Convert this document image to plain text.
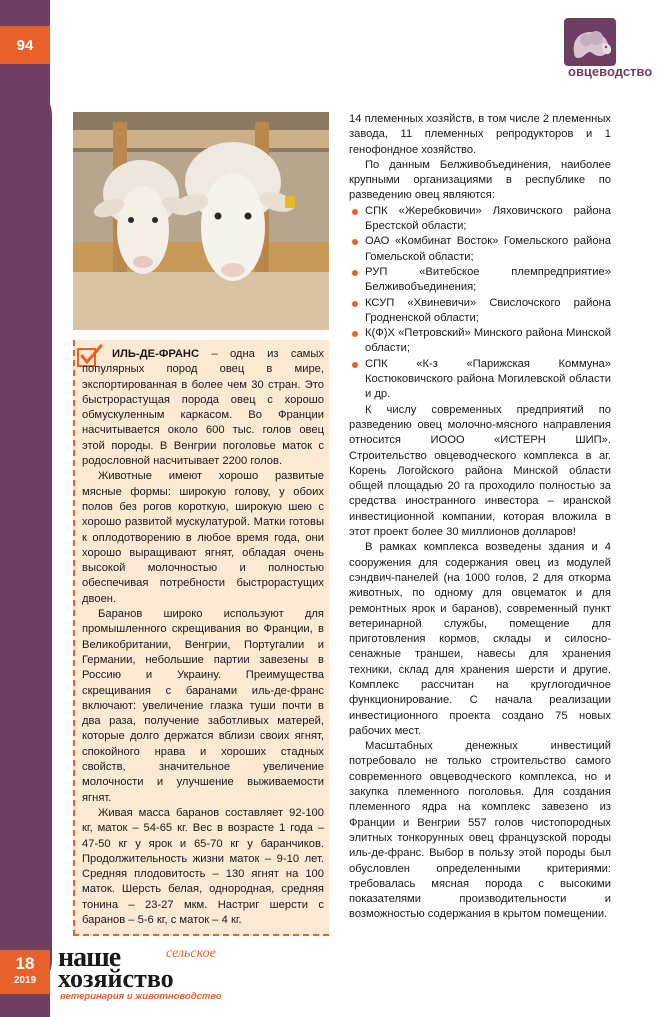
94
18
2019
овцеводство

ИЛЬ-ДЕ-ФРАНС – одна из самых популярных пород овец в мире, экспортированная в более чем 30 стран. Это быстрорастущая порода овец с хорошо обмускуленным каркасом. Во Франции насчитывается около 600 тыс. голов овец этой породы. В Венгрии поголовье маток с родословной насчитывает 2200 голов.

Животные имеют хорошо развитые мясные формы: широкую голову, у обоих полов без рогов короткую, широкую шею с хорошо развитой мускулатурой. Матки готовы к оплодотворению в любое время года, они хорошо выращивают ягнят, обладая очень высокой молочностью и полностью обеспечивая потребности быстрорастущих двоен.

Баранов широко используют для промышленного скрещивания во Франции, в Великобритании, Венгрии, Португалии и Германии, небольшие партии завезены в Россию и Украину. Преимущества скрещивания с баранами иль-де-франс включают: увеличение глазка туши почти в два раза, получение заботливых матерей, которые долго держатся вблизи своих ягнят, спокойного нрава и хороших стадных свойств, значительное увеличение молочности и улучшение выживаемости ягнят.

Живая масса баранов составляет 92-100 кг, маток – 54-65 кг. Вес в возрасте 1 года – 47-50 кг у ярок и 65-70 кг у баранчиков. Продолжительность жизни маток – 9-10 лет. Средняя плодовитость – 130 ягнят на 100 маток. Шерсть белая, однородная, средняя тонина – 23-27 мкм. Настриг шерсти с баранов – 5-6 кг, с маток – 4 кг.

14 племенных хозяйств, в том числе 2 племенных завода, 11 племенных репродукторов и 1 генофондное хозяйство.

По данным Белживобъединения, наиболее крупными организациями в республике по разведению овец являются:

СПК «Жеребковичи» Ляховичского района Брестской области;
ОАО «Комбинат Восток» Гомельского района Гомельской области;
РУП «Витебское племпредприятие» Белживобъединения;
КСУП «Хвиневичи» Свислочского района Гродненской области;
К(Ф)Х «Петровский» Минского района Минской области;
СПК «К-з «Парижская Коммуна» Костюковичского района Могилевской области и др.

К числу современных предприятий по разведению овец молочно-мясного направления относится ИООО «ИСТЕРН ШИП». Строительство овцеводческого комплекса в аг. Корень Логойского района Минской области общей площадью 20 га проходило полностью за средства иностранного инвестора – иранской инвестиционной компании, которая вложила в этот проект более 30 миллионов долларов!

В рамках комплекса возведены здания и 4 сооружения для содержания овец из модулей сэндвич-панелей (на 1000 голов, 2 для откорма животных, по одному для овцематок и для ремонтных ярок и баранов), современный пункт ветеринарной службы, помещение для приготовления кормов, склады и силосно-сенажные траншеи, навесы для хранения техники, склад для хранения шерсти и другие. Комплекс рассчитан на круглогодичное функционирование. С начала реализации инвестиционного проекта создано 75 новых рабочих мест.

Масштабных денежных инвестиций потребовало не только строительство самого современного овцеводческого комплекса, но и закупка племенного поголовья. Для создания племенного ядра на комплекс завезено из Франции и Венгрии 557 голов чистопородных элитных тонкорунных овец французской породы иль-де-франс. Выбор в пользу этой породы был обусловлен определенными критериями: требовалась мясная порода с высокими показателями производительности и возможностью содержания в крытом помещении.

наше	сельское
хозяйство
ветеринария и животноводство
